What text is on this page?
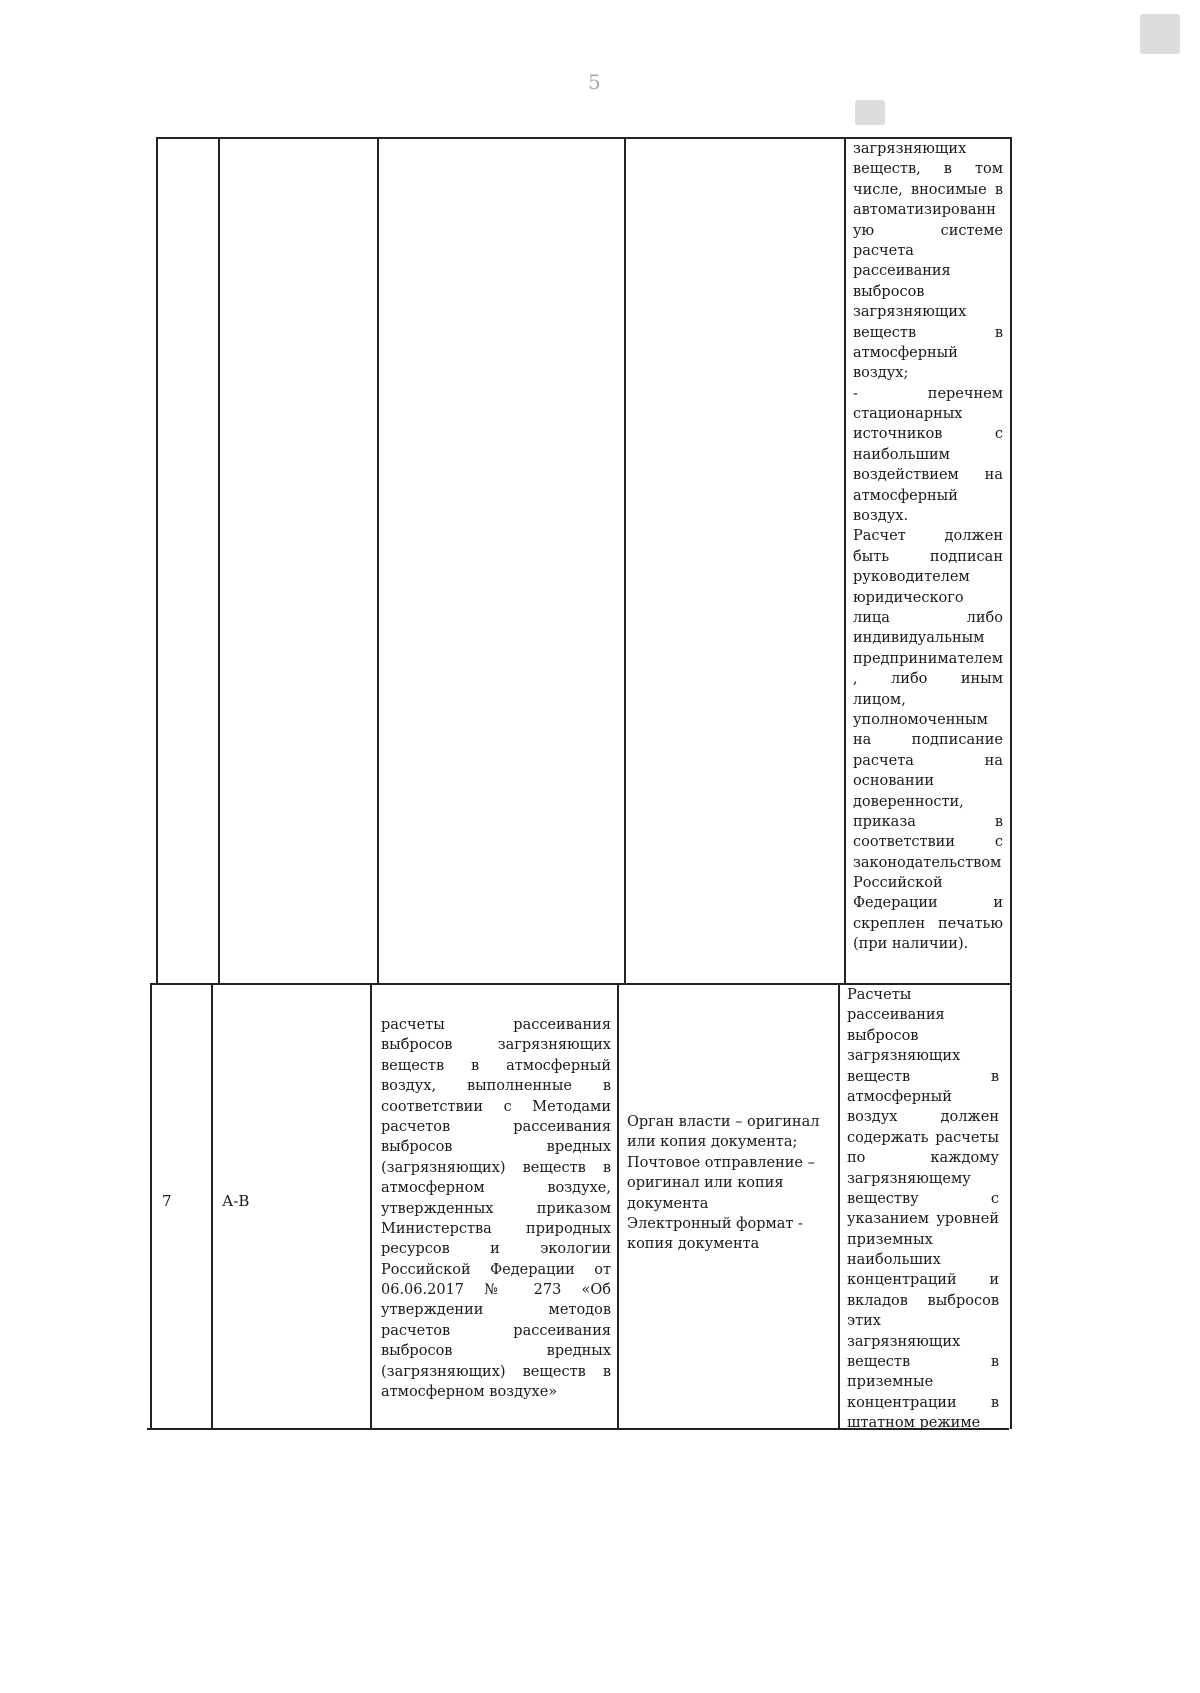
5
загрязняющих
веществ, в том
числе, вносимые в
автоматизированн
ую системе
расчета
рассеивания
выбросов
загрязняющих
веществ в
атмосферный
воздух;
- перечнем
стационарных
источников с
наибольшим
воздействием на
атмосферный
воздух.
Расчет должен
быть подписан
руководителем
юридического
лица либо
индивидуальным
предпринимателем
, либо иным
лицом,
уполномоченным
на подписание
расчета на
основании
доверенности,
приказа в
соответствии с
законодательством
Российской
Федерации и
скреплен печатью
(при наличии).
7	А-В
расчеты рассеивания
выбросов загрязняющих
веществ в атмосферный
воздух, выполненные в
соответствии с Методами
расчетов рассеивания
выбросов вредных
(загрязняющих) веществ в
атмосферном воздухе,
утвержденных приказом
Министерства природных
ресурсов и экологии
Российской Федерации от
06.06.2017 № 273 «Об
утверждении методов
расчетов рассеивания
выбросов вредных
(загрязняющих) веществ в
атмосферном воздухе»
Орган власти – оригинал
или копия документа;
Почтовое отправление –
оригинал или копия
документа
Электронный формат -
копия документа
Расчеты
рассеивания
выбросов
загрязняющих
веществ в
атмосферный
воздух должен
содержать расчеты
по каждому
загрязняющему
веществу с
указанием уровней
приземных
наибольших
концентраций и
вкладов выбросов
этих
загрязняющих
веществ в
приземные
концентрации в
штатном режиме
